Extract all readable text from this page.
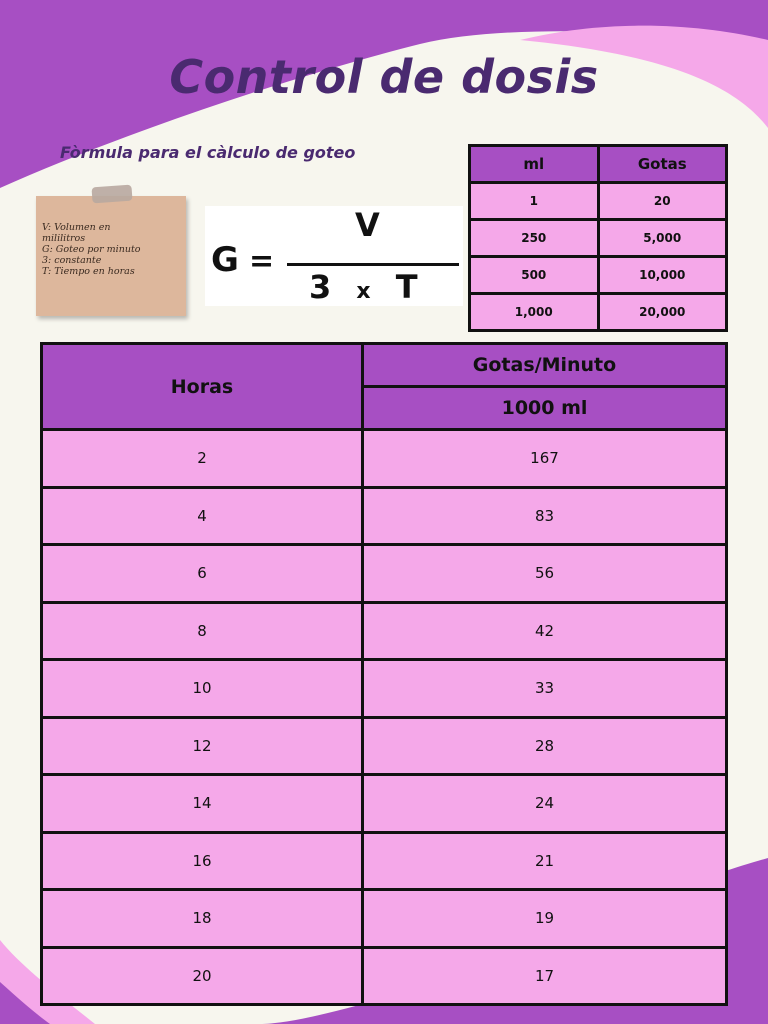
Control de dosis
Fòrmula para el càlculo de goteo
V: Volumen en
mililitros
G: Goteo por minuto
3: constante
T: Tiempo en horas	G =
V
3 x T
ml	Gotas
1	20
250	5,000
500	10,000
1,000	20,000
Horas	Gotas/Minuto
	1000 ml
2	167
4	83
6	56
8	42
10	33
12	28
14	24
16	21
18	19
20	17
